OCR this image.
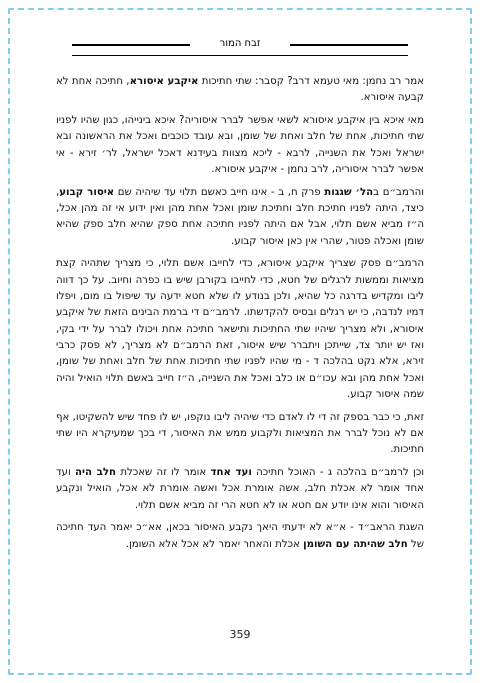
זבח המור

אמר רב נחמן: מאי טעמא דרב? קסבר: שתי חתיכות איקבע איסורא, חתיכה אחת לא קבעה איסורא.

מאי איכא בין איקבע איסורא לשאי אפשר לברר איסוריה? איכא בינייהו, כגון שהיו לפניו שתי חתיכות, אחת של חלב ואחת של שומן, ובא עובד כוכבים ואכל את הראשונה ובא ישראל ואכל את השנייה, לרבא - ליכא מצוות בעידנא דאכל ישראל, לר׳ זירא - אי אפשר לברר איסוריה, לרב נחמן - איקבע איסורא.

והרמב״ם בהל׳ שגגות פרק ח, ב - אינו חייב כאשם תלוי עד שיהיה שם איסור קבוע, כיצד, היתה לפניו חתיכת חלב וחתיכת שומן ואכל אחת מהן ואין ידוע אי זה מהן אכל, ה״ז מביא אשם תלוי, אבל אם היתה לפניו חתיכה אחת ספק שהיא חלב ספק שהיא שומן ואכלה פטור, שהרי אין כאן איסור קבוע.

הרמב״ם פסק שצריך איקבע איסורא, כדי לחייבו אשם תלוי, כי מצריך שתהיה קצת מציאות וממשות לרגלים של חטא, כדי לחייבו בקורבן שיש בו כפרה וחיוב. על כך דווה ליבו ומקדיש בדרגה כל שהיא, ולכן בנודע לו שלא חטא ידעה עד שיפול בו מום, ויפלו דמיו לנדבה, כי יש רגלים ובסיס להקדשתו. לרמב״ם די ברמת הבינים הזאת של איקבע איסורא, ולא מצריך שיהיו שתי החתיכות ותישאר חתיכה אחת ויכולו לברר על ידי בקי, ואז יש יותר צד, שייתכן ויתברר שיש איסור, זאת הרמב״ם לא מצריך, לא פסק כרבי זירא, אלא נקט בהלכה ד - מי שהיו לפניו שתי חתיכות אחת של חלב ואחת של שומן, ואכל אחת מהן ובא עכו״ם או כלב ואכל את השנייה, ה״ז חייב באשם תלוי הואיל והיה שמה איסור קבוע.

זאת, כי כבר בספק זה די לו לאדם כדי שיהיה ליבו נוקפו, יש לו פחד שיש להשקיטו, אף אם לא נוכל לברר את המציאות ולקבוע ממש את האיסור, די בכך שמעיקרא היו שתי חתיכות.

וכן לרמב״ם בהלכה ג - האוכל חתיכה ועד אחד אומר לו זה שאכלת חלב היה ועד אחד אומר לא אכלת חלב, אשה אומרת אכל ואשה אומרת לא אכל, הואיל ונקבע האיסור והוא אינו יודע אם חטא או לא חטא הרי זה מביא אשם תלוי.

השגת הראב״ד - א״א לא ידעתי היאך נקבע האיסור בכאן, אא״כ יאמר העד חתיכה של חלב שהיתה עם השומן אכלת והאחר יאמר לא אכל אלא השומן.

359
